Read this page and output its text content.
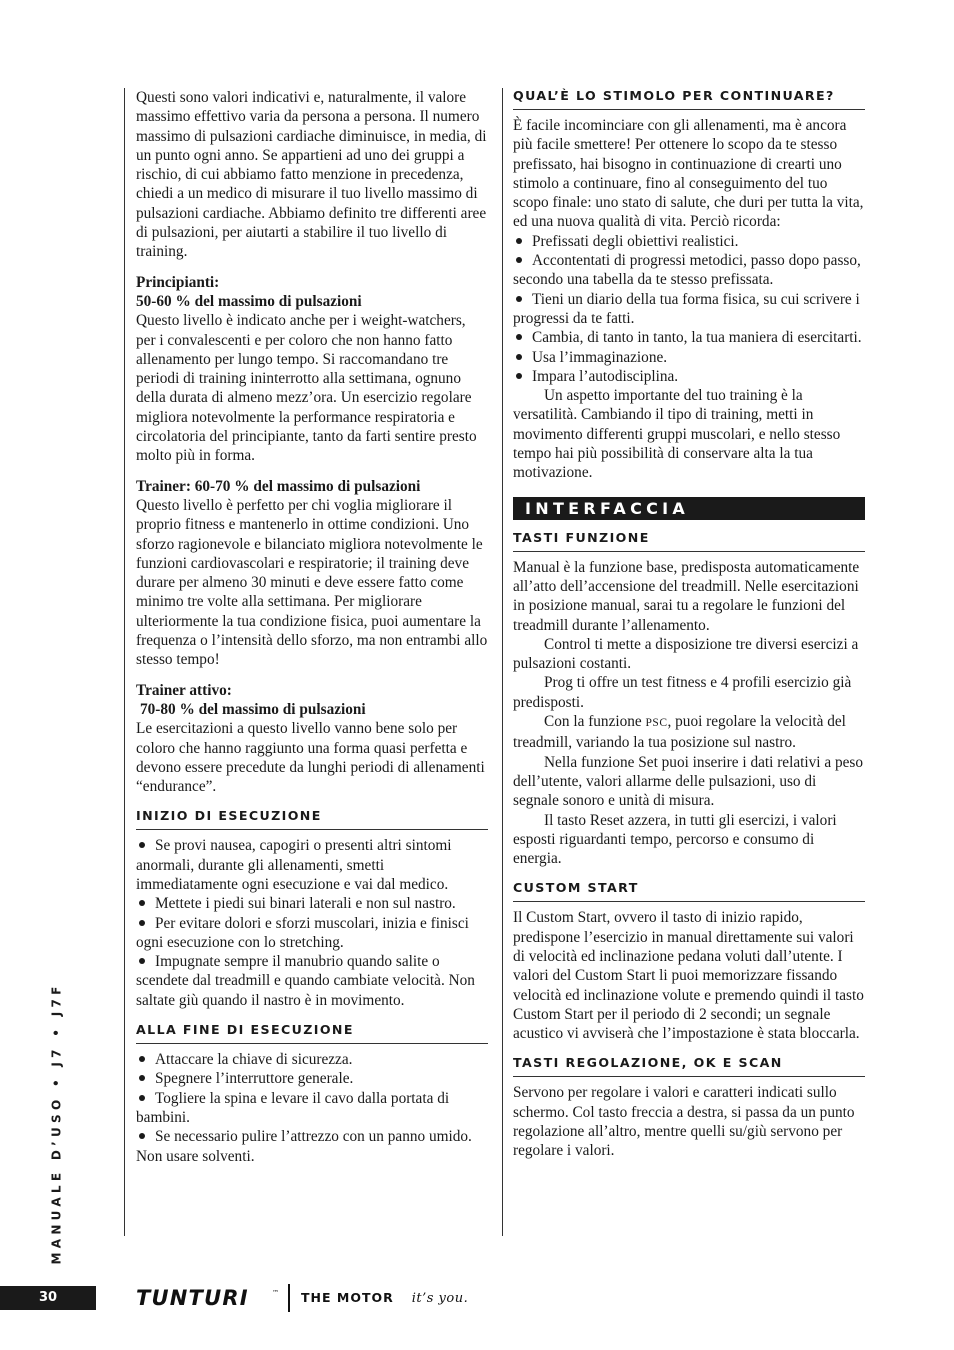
Questi sono valori indicativi e, naturalmente, il valore massimo effettivo varia da persona a persona. Il numero massimo di pulsazioni cardiache diminuisce, in media, di un punto ogni anno. Se appartieni ad uno dei gruppi a rischio, di cui abbiamo fatto menzione in precedenza, chiedi a un medico di misurare il tuo livello massimo di pulsazioni cardiache. Abbiamo definito tre differenti aree di pulsazioni, per aiutarti a stabilire il tuo livello di training.

Principianti:

50-60 % del massimo di pulsazioni

Questo livello è indicato anche per i weight-watchers, per i convalescenti e per coloro che non hanno fatto allenamento per lungo tempo. Si raccomandano tre periodi di training ininterrotto alla settimana, ognuno della durata di almeno mezz’ora. Un esercizio regolare migliora notevolmente la performance respiratoria e circolatoria del principiante, tanto da farti sentire presto molto più in forma.

Trainer: 60-70 % del massimo di pulsazioni

Questo livello è perfetto per chi voglia migliorare il proprio fitness e mantenerlo in ottime condizioni. Uno sforzo ragionevole e bilanciato migliora notevolmente le funzioni cardiovascolari e respiratorie; il training deve durare per almeno 30 minuti e deve essere fatto come minimo tre volte alla settimana. Per migliorare ulteriormente la tua condizione fisica, puoi aumentare la frequenza o l’intensità dello sforzo, ma non entrambi allo stesso tempo!

Trainer attivo:

70-80 % del massimo di pulsazioni

Le esercitazioni a questo livello vanno bene solo per coloro che hanno raggiunto una forma quasi perfetta e devono essere precedute da lunghi periodi di allenamenti “endurance”.

INIZIO DI ESECUZIONE

Se provi nausea, capogiri o presenti altri sintomi anormali, durante gli allenamenti, smetti immediatamente ogni esecuzione e vai dal medico.

Mettete i piedi sui binari laterali e non sul nastro.

Per evitare dolori e sforzi muscolari, inizia e finisci ogni esecuzione con lo stretching.

Impugnate sempre il manubrio quando salite o scendete dal treadmill e quando cambiate velocità. Non saltate giù quando il nastro è in movimento.

ALLA FINE DI ESECUZIONE

Attaccare la chiave di sicurezza.

Spegnere l’interruttore generale.

Togliere la spina e levare il cavo dalla portata di bambini.

Se necessario pulire l’attrezzo con un panno umido. Non usare solventi.

QUAL’È LO STIMOLO PER CONTINUARE?

È facile incominciare con gli allenamenti, ma è ancora più facile smettere! Per ottenere lo scopo da te stesso prefissato, hai bisogno in continuazione di crearti uno stimolo a continuare, fino al conseguimento del tuo scopo finale: uno stato di salute, che duri per tutta la vita, ed una nuova qualità di vita. Perciò ricorda:

Prefissati degli obiettivi realistici.

Accontentati di progressi metodici, passo dopo passo, secondo una tabella da te stesso prefissata.

Tieni un diario della tua forma fisica, su cui scrivere i progressi da te fatti.

Cambia, di tanto in tanto, la tua maniera di esercitarti.

Usa l’immaginazione.

Impara l’autodisciplina.

Un aspetto importante del tuo training è la versatilità. Cambiando il tipo di training, metti in movimento differenti gruppi muscolari, e nello stesso tempo hai più possibilità di conservare alta la tua motivazione.

INTERFACCIA
TASTI FUNZIONE

Manual è la funzione base, predisposta automaticamente all’atto dell’accensione del treadmill. Nelle esercitazioni in posizione manual, sarai tu a regolare le funzioni del treadmill durante l’allenamento.

Control ti mette a disposizione tre diversi esercizi a pulsazioni costanti.

Prog ti offre un test fitness e 4 profili esercizio già predisposti.

Con la funzione PSC, puoi regolare la velocità del treadmill, variando la tua posizione sul nastro.

Nella funzione Set puoi inserire i dati relativi a peso dell’utente, valori allarme delle pulsazioni, uso di segnale sonoro e unità di misura.

Il tasto Reset azzera, in tutti gli esercizi, i valori esposti riguardanti tempo, percorso e consumo di energia.

CUSTOM START

Il Custom Start, ovvero il tasto di inizio rapido, predispone l’esercizio in manual direttamente sui valori di velocità ed inclinazione pedana voluti dall’utente. I valori del Custom Start li puoi memorizzare fissando velocità ed inclinazione volute e premendo quindi il tasto Custom Start per il periodo di 2 secondi; un segnale acustico vi avviserà che l’impostazione è stata bloccarla.

TASTI REGOLAZIONE, OK E SCAN

Servono per regolare i valori e caratteri indicati sullo schermo. Col tasto freccia a destra, si passa da un punto regolazione all’altro, mentre quelli su/giù servono per regolare i valori.

MANUALE D’USO • J7 • J7F
30	TUNTURI	™ THE MOTOR it’s you.
